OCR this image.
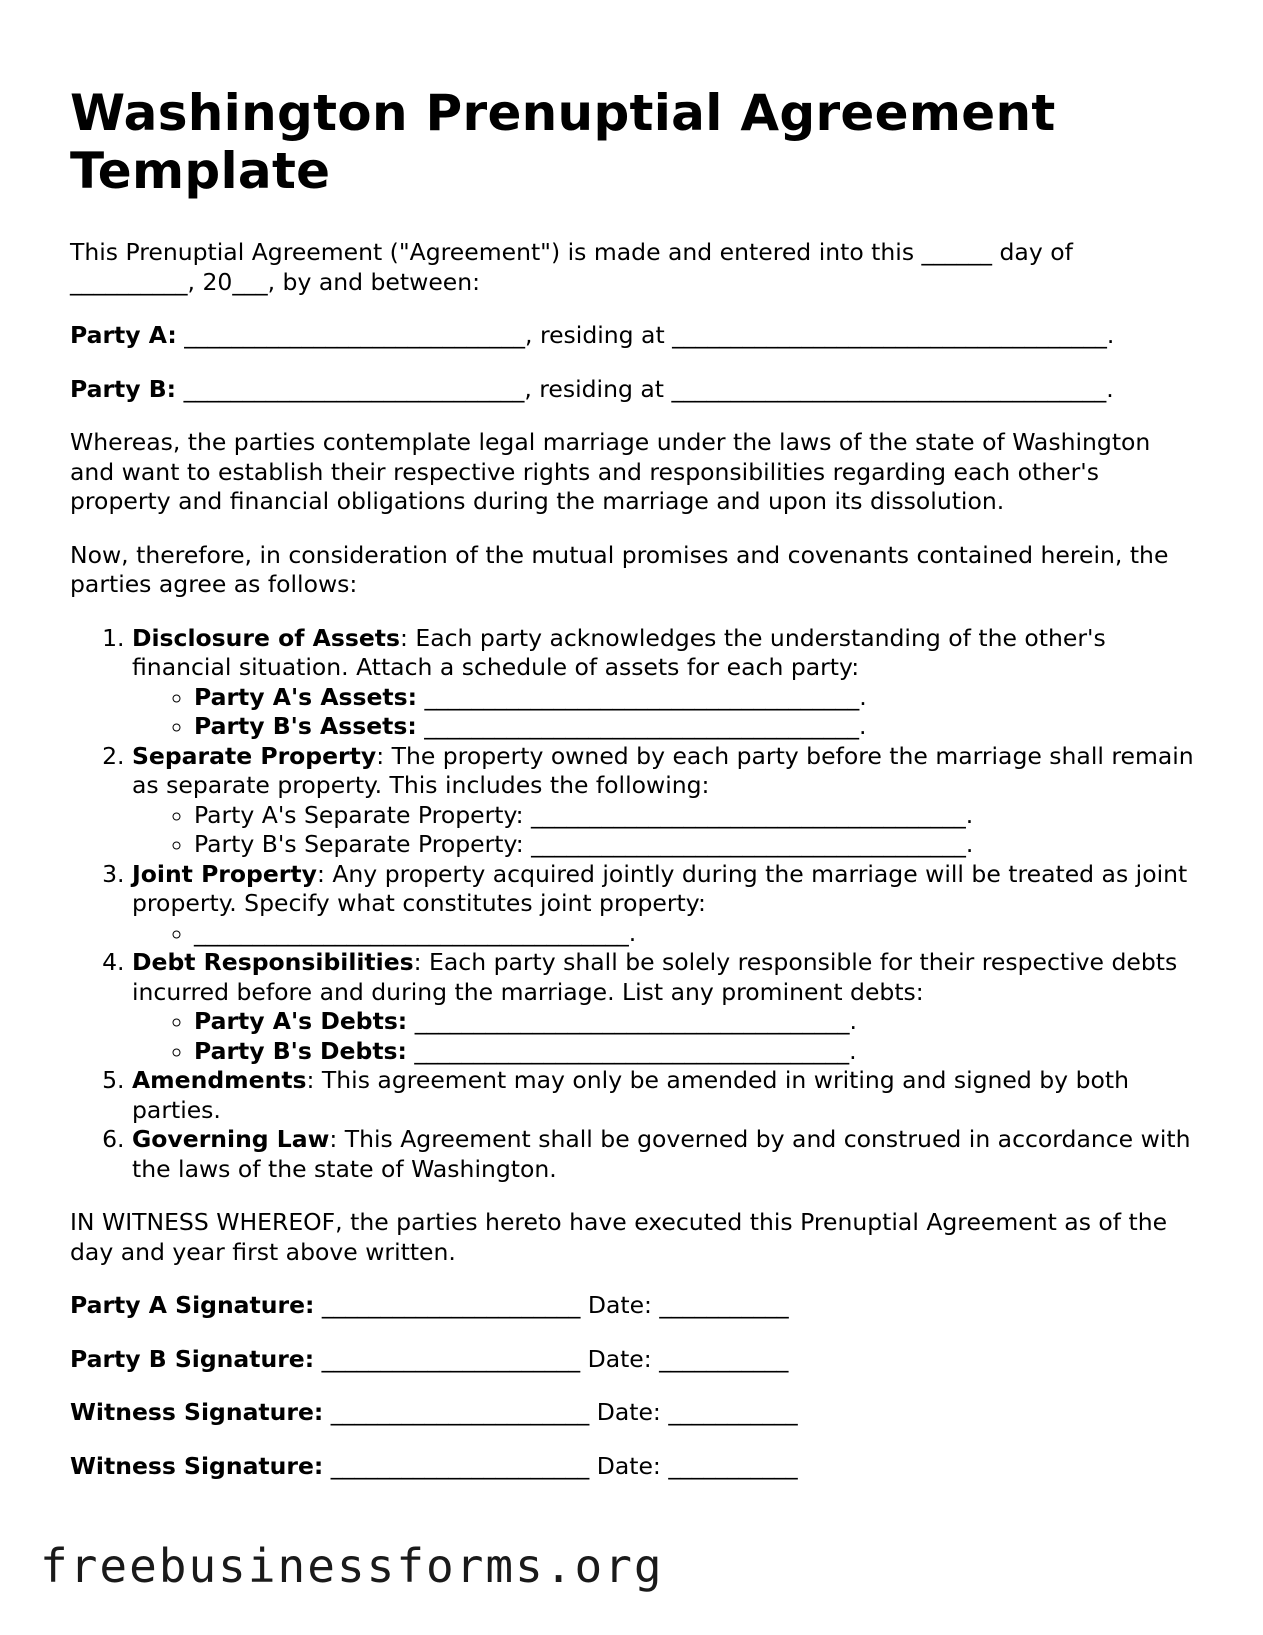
Washington Prenuptial Agreement Template

This Prenuptial Agreement ("Agreement") is made and entered into this ______ day of __________, 20___, by and between:

Party A: _____________________________, residing at _____________________________________.

Party B: _____________________________, residing at _____________________________________.

Whereas, the parties contemplate legal marriage under the laws of the state of Washington and want to establish their respective rights and responsibilities regarding each other's property and financial obligations during the marriage and upon its dissolution.

Now, therefore, in consideration of the mutual promises and covenants contained herein, the parties agree as follows:

1. Disclosure of Assets: Each party acknowledges the understanding of the other's financial situation. Attach a schedule of assets for each party:
◦ Party A's Assets: _____________________________________.
◦ Party B's Assets: _____________________________________.
2. Separate Property: The property owned by each party before the marriage shall remain as separate property. This includes the following:
◦ Party A's Separate Property: _____________________________________.
◦ Party B's Separate Property: _____________________________________.
3. Joint Property: Any property acquired jointly during the marriage will be treated as joint property. Specify what constitutes joint property:
◦ _____________________________________.
4. Debt Responsibilities: Each party shall be solely responsible for their respective debts incurred before and during the marriage. List any prominent debts:
◦ Party A's Debts: _____________________________________.
◦ Party B's Debts: _____________________________________.
5. Amendments: This agreement may only be amended in writing and signed by both parties.
6. Governing Law: This Agreement shall be governed by and construed in accordance with the laws of the state of Washington.

IN WITNESS WHEREOF, the parties hereto have executed this Prenuptial Agreement as of the day and year first above written.

Party A Signature: ______________________ Date: ___________

Party B Signature: ______________________ Date: ___________

Witness Signature: ______________________ Date: ___________

Witness Signature: ______________________ Date: ___________

freebusinessforms.org
